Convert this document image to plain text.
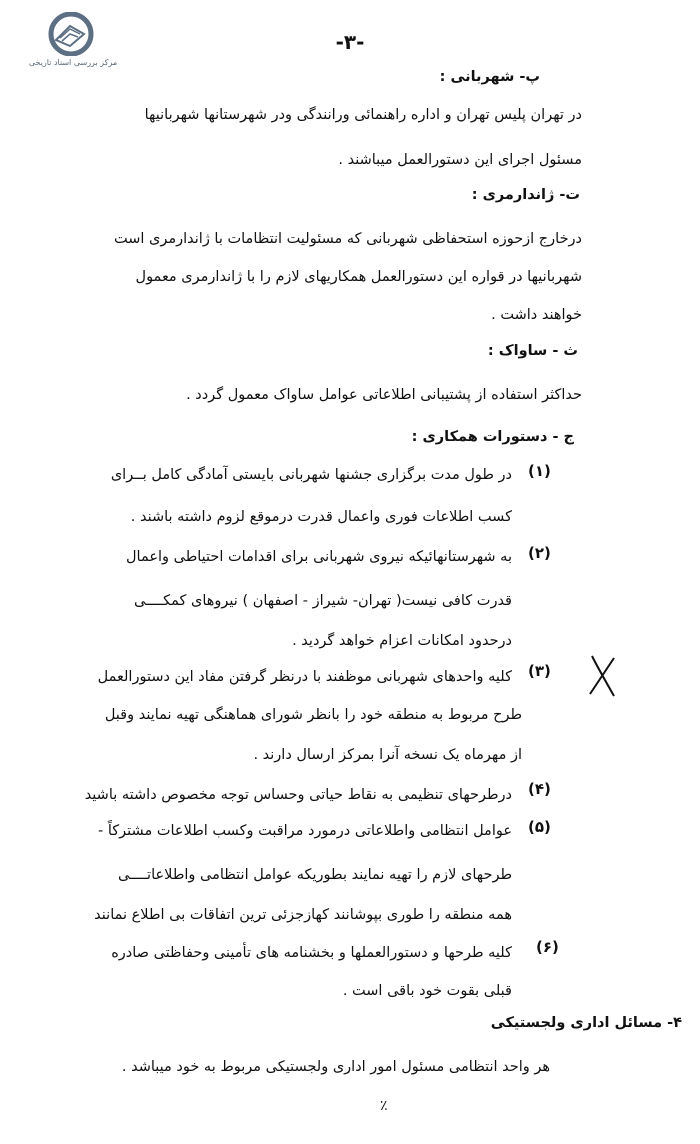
مرکز بررسی اسناد تاریخی
-۳-
پ- شهربانی :
در تهران پلیس تهران و اداره راهنمائی ورانندگی ودر شهرستانها شهربانیها
مسئول اجرای این دستورالعمل میباشند .
ت- ژاندارمری :
درخارج ازحوزه استحفاظی شهربانی که مسئولیت انتظامات با ژاندارمری است
شهربانیها در قواره این دستورالعمل همکاریهای لازم را با ژاندارمری معمول
خواهند داشت .
ث - ساواک :
حداکثر استفاده از پشتیبانی اطلاعاتی عوامل ساواک معمول گردد .
ج - دستورات همکاری :
(۱)
در طول مدت برگزاری جشنها شهربانی بایستی آمادگی کامل بــرای
کسب اطلاعات فوری واعمال قدرت درموقع لزوم داشته باشند .
(۲)
به شهرستانهائیکه نیروی شهربانی برای اقدامات احتیاطی واعمال
قدرت کافی نیست( تهران- شیراز - اصفهان ) نیروهای کمکــــی
درحدود امکانات اعزام خواهد گردید .
(۳)
کلیه واحدهای شهربانی موظفند با درنظر گرفتن مفاد این دستورالعمل
طرح مربوط به منطقه خود را بانظر شورای هماهنگی تهیه نمایند وقبل
از مهرماه یک نسخه آنرا بمرکز ارسال دارند .
(۴)
درطرحهای تنظیمی به نقاط حیاتی وحساس توجه مخصوص داشته باشید
(۵)
عوامل انتظامی واطلاعاتی درمورد مراقبت وکسب اطلاعات مشترکاً -
طرحهای لازم را تهیه نمایند بطوریکه عوامل انتظامی واطلاعاتــــی
همه منطقه را طوری بپوشانند کهازجزئی ترین اتفاقات بی اطلاع نمانند
(۶)
کلیه طرحها و دستورالعملها و بخشنامه های تأمینی وحفاظتی صادره
قبلی بقوت خود باقی است .
۴- مسائل اداری ولجستیکی
هر واحد انتظامی مسئول امور اداری ولجستیکی مربوط به خود میباشد .
٪
